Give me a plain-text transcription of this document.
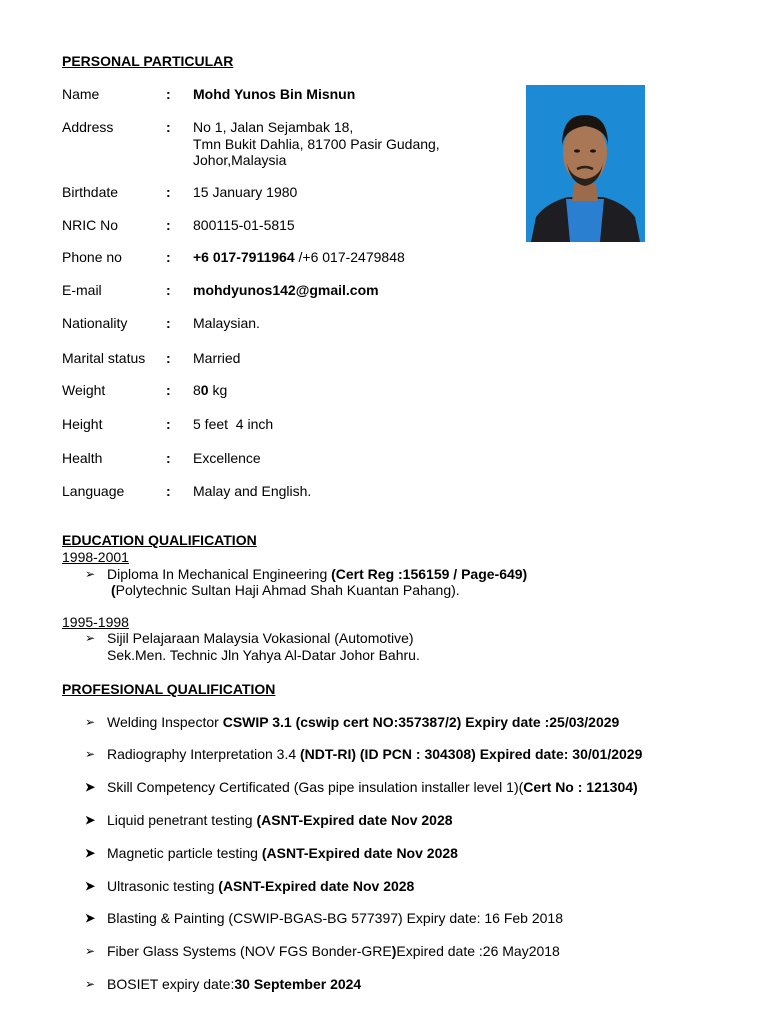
PERSONAL PARTICULAR
Name	: Mohd Yunos Bin Misnun
Address	: No 1, Jalan Sejambak 18,
Tmn Bukit Dahlia, 81700 Pasir Gudang,
Johor,Malaysia
Birthdate	: 15 January 1980
NRIC No	: 800115-01-5815
Phone no	: +6 017-7911964 /+6 017-2479848
E-mail	: mohdyunos142@gmail.com
Nationality	: Malaysian.
Marital status : Married
Weight	: 80 kg
Height	: 5 feet  4 inch
Health	: Excellence
Language	: Malay and English.
EDUCATION QUALIFICATION
1998-2001
➢ Diploma In Mechanical Engineering (Cert Reg :156159 / Page-649)
(Polytechnic Sultan Haji Ahmad Shah Kuantan Pahang).
1995-1998
➢ Sijil Pelajaraan Malaysia Vokasional (Automotive)
Sek.Men. Technic Jln Yahya Al-Datar Johor Bahru.
PROFESIONAL QUALIFICATION
➢ Welding Inspector CSWIP 3.1 (cswip cert NO:357387/2) Expiry date :25/03/2029
➢ Radiography Interpretation 3.4 (NDT-RI) (ID PCN : 304308) Expired date: 30/01/2029
➤ Skill Competency Certificated (Gas pipe insulation installer level 1)(Cert No : 121304)
➤ Liquid penetrant testing (ASNT-Expired date Nov 2028
➤ Magnetic particle testing (ASNT-Expired date Nov 2028
➤ Ultrasonic testing (ASNT-Expired date Nov 2028
➤ Blasting & Painting (CSWIP-BGAS-BG 577397) Expiry date: 16 Feb 2018
➢ Fiber Glass Systems (NOV FGS Bonder-GRE)Expired date :26 May2018
➢ BOSIET expiry date:30 September 2024
